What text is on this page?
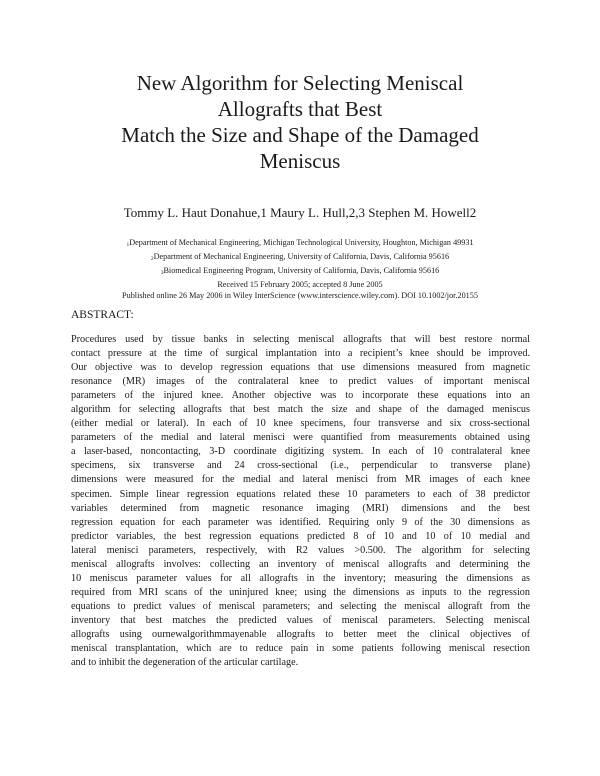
New Algorithm for Selecting Meniscal
Allografts that Best
Match the Size and Shape of the Damaged
Meniscus
Tommy L. Haut Donahue,1 Maury L. Hull,2,3 Stephen M. Howell2
$_1$Department of Mechanical Engineering, Michigan Technological University, Houghton, Michigan 49931
$_2$Department of Mechanical Engineering, University of California, Davis, California 95616
$_3$Biomedical Engineering Program, University of California, Davis, California 95616
Received 15 February 2005; accepted 8 June 2005
Published online 26 May 2006 in Wiley InterScience (www.interscience.wiley.com). DOI 10.1002/jor.20155
ABSTRACT:
Procedures used by tissue banks in selecting meniscal allografts that will best restore normal
contact pressure at the time of surgical implantation into a recipient’s knee should be improved.
Our objective was to develop regression equations that use dimensions measured from magnetic
resonance (MR) images of the contralateral knee to predict values of important meniscal
parameters of the injured knee. Another objective was to incorporate these equations into an
algorithm for selecting allografts that best match the size and shape of the damaged meniscus
(either medial or lateral). In each of 10 knee specimens, four transverse and six cross-sectional
parameters of the medial and lateral menisci were quantified from measurements obtained using
a laser-based, noncontacting, 3-D coordinate digitizing system. In each of 10 contralateral knee
specimens, six transverse and 24 cross-sectional (i.e., perpendicular to transverse plane)
dimensions were measured for the medial and lateral menisci from MR images of each knee
specimen. Simple linear regression equations related these 10 parameters to each of 38 predictor
variables determined from magnetic resonance imaging (MRI) dimensions and the best
regression equation for each parameter was identified. Requiring only 9 of the 30 dimensions as
predictor variables, the best regression equations predicted 8 of 10 and 10 of 10 medial and
lateral menisci parameters, respectively, with R2 values >0.500. The algorithm for selecting
meniscal allografts involves: collecting an inventory of meniscal allografts and determining the
10 meniscus parameter values for all allografts in the inventory; measuring the dimensions as
required from MRI scans of the uninjured knee; using the dimensions as inputs to the regression
equations to predict values of meniscal parameters; and selecting the meniscal allograft from the
inventory that best matches the predicted values of meniscal parameters. Selecting meniscal
allografts using ournewalgorithmmayenable allografts to better meet the clinical objectives of
meniscal transplantation, which are to reduce pain in some patients following meniscal resection
and to inhibit the degeneration of the articular cartilage.
